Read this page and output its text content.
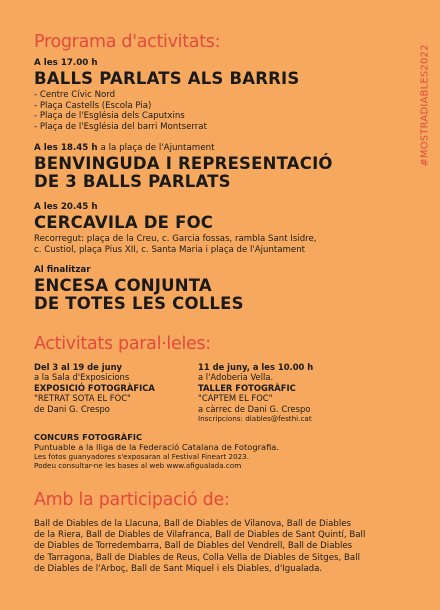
#MOSTRADIABLES2022
Programa d'activitats:
A les 17.00 h
BALLS PARLATS ALS BARRIS
- Centre Cívic Nord
- Plaça Castells (Escola Pia)
- Plaça de l'Església dels Caputxins
- Plaça de l'Església del barri Montserrat
A les 18.45 h a la plaça de l'Ajuntament
BENVINGUDA I REPRESENTACIÓ
DE 3 BALLS PARLATS
A les 20.45 h
CERCAVILA DE FOC
Recorregut: plaça de la Creu, c. Garcia fossas, rambla Sant Isidre,
c. Custiol, plaça Pius XII, c. Santa Maria i plaça de l'Ajuntament
Al finalitzar
ENCESA CONJUNTA
DE TOTES LES COLLES
Activitats paral·leles:
Del 3 al 19 de juny
a la Sala d'Exposicions
EXPOSICIÓ FOTOGRÀFICA
"RETRAT SOTA EL FOC"
de Dani G. Crespo
11 de juny, a les 10.00 h
a l'Adoberia Vella.
TALLER FOTOGRÀFIC
"CAPTEM EL FOC"
a càrrec de Dani G. Crespo
Inscripcions: diables@festhi.cat
CONCURS FOTOGRÀFIC
Puntuable a la lliga de la Federació Catalana de Fotografia.
Les fotos guanyadores s'exposaran al Festival Fineart 2023.
Podeu consultar-ne les bases al web www.afigualada.com
Amb la participació de:
Ball de Diables de la Llacuna, Ball de Diables de Vilanova, Ball de Diables
de la Riera, Ball de Diables de Vilafranca, Ball de Diables de Sant Quintí, Ball
de Diables de Torredembarra, Ball de Diables del Vendrell, Ball de Diables
de Tarragona, Ball de Diables de Reus, Colla Vella de Diables de Sitges, Ball
de Diables de l'Arboç, Ball de Sant Miquel i els Diables, d'Igualada.
